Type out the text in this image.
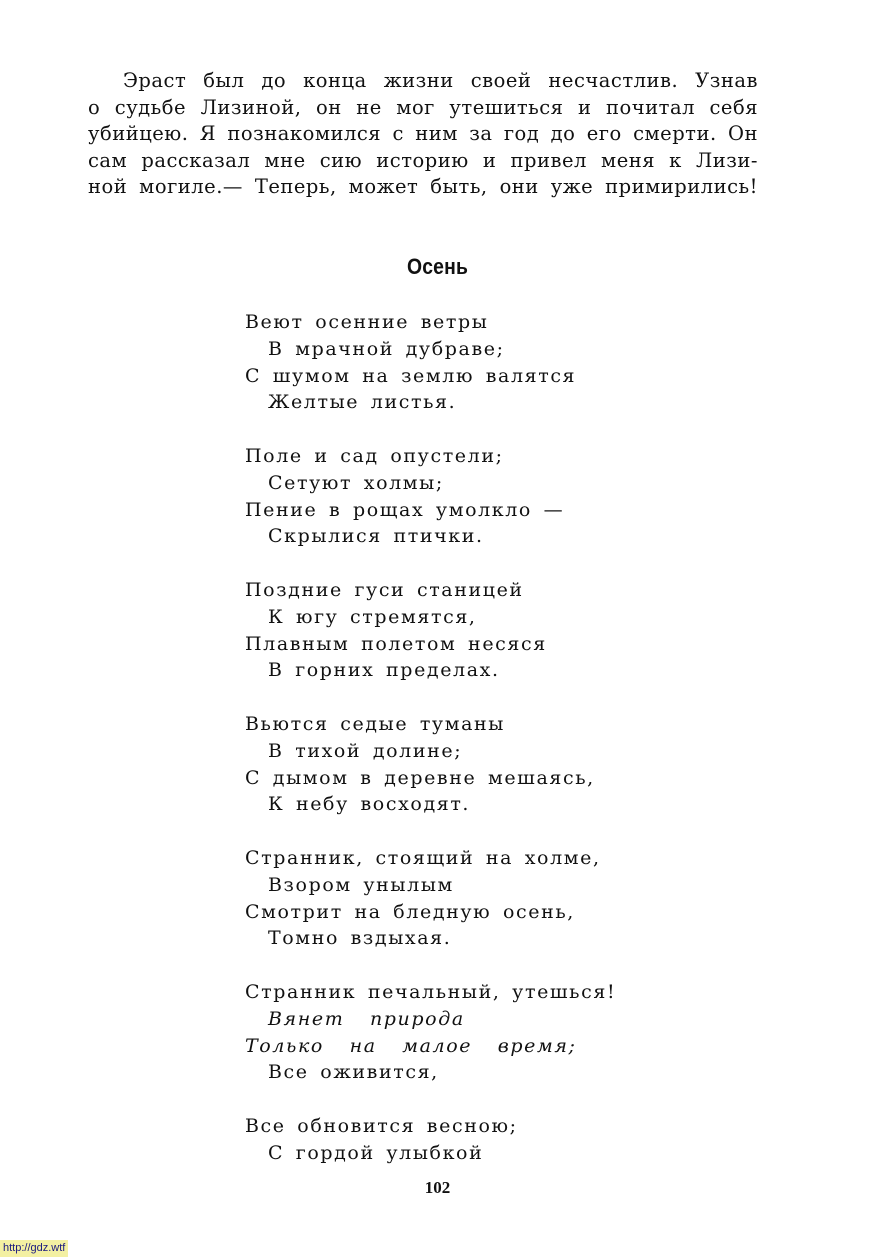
Эраст был до конца жизни своей несчастлив. Узнав
о судьбе Лизиной, он не мог утешиться и почитал себя
убийцею. Я познакомился с ним за год до его смерти. Он
сам рассказал мне сию историю и привел меня к Лизи-
ной могиле.— Теперь, может быть, они уже примирились!
Осень
Веют осенние ветры
В мрачной дубраве;
С шумом на землю валятся
Желтые листья.
Поле и сад опустели;
Сетуют холмы;
Пение в рощах умолкло —
Скрылися птички.
Поздние гуси станицей
К югу стремятся,
Плавным полетом несяся
В горних пределах.
Вьются седые туманы
В тихой долине;
С дымом в деревне мешаясь,
К небу восходят.
Странник, стоящий на холме,
Взором унылым
Смотрит на бледную осень,
Томно вздыхая.
Странник печальный, утешься!
Вянет природа
Только на малое время;
Все оживится,
Все обновится весною;
С гордой улыбкой
102
http://gdz.wtf
